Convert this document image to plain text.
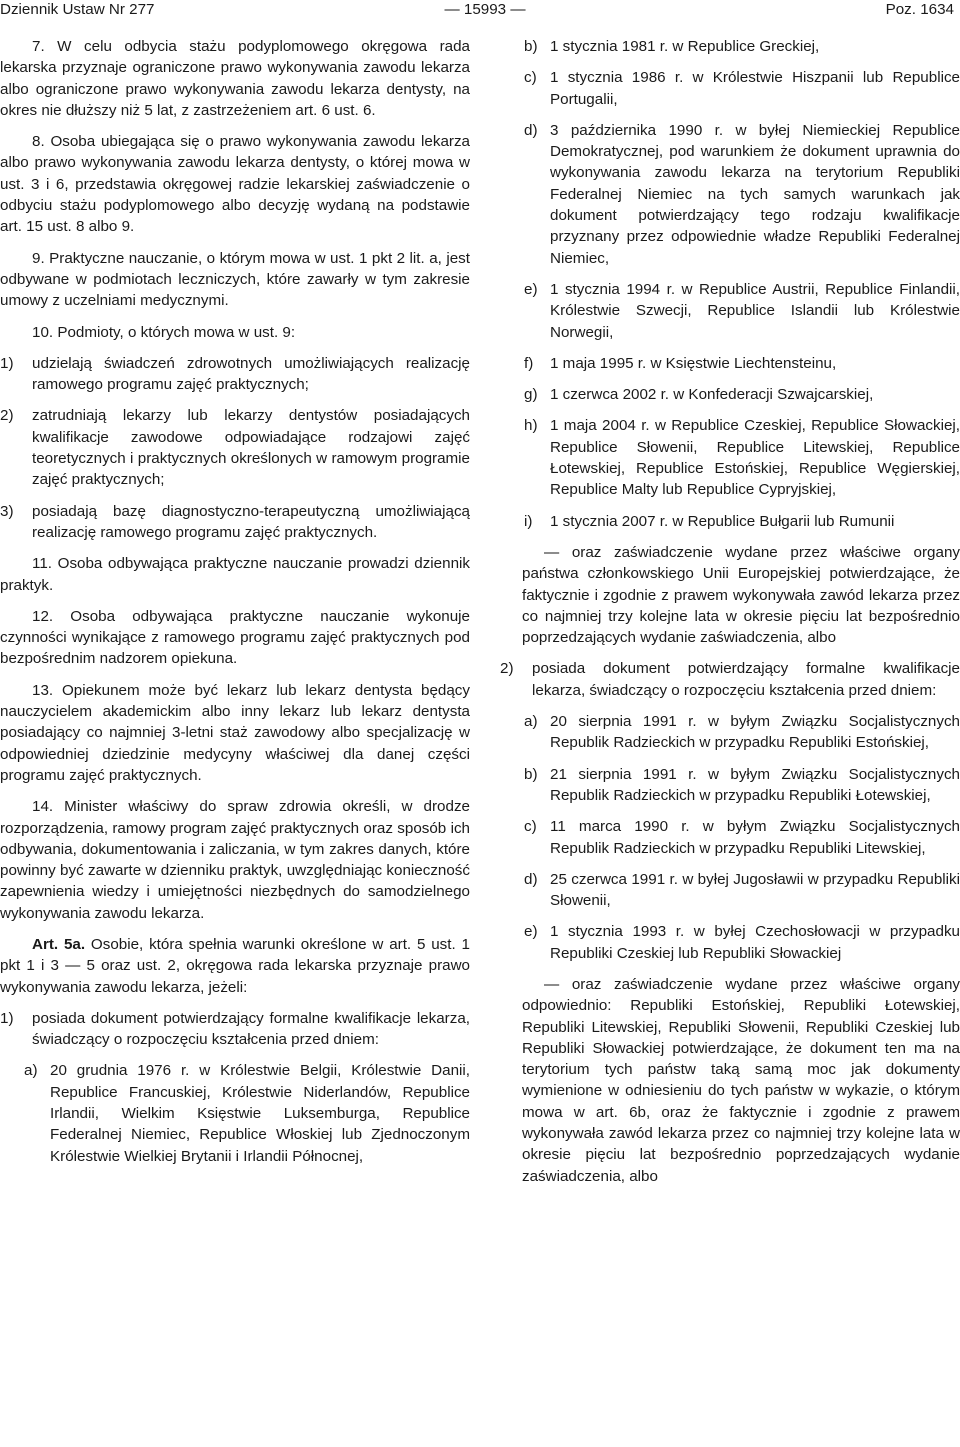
Dziennik Ustaw Nr 277	— 15993 —	Poz. 1634

7. W celu odbycia stażu podyplomowego okręgowa rada lekarska przyznaje ograniczone prawo wykonywania zawodu lekarza albo ograniczone prawo wykonywania zawodu lekarza dentysty, na okres nie dłuższy niż 5 lat, z zastrzeżeniem art. 6 ust. 6.

8. Osoba ubiegająca się o prawo wykonywania zawodu lekarza albo prawo wykonywania zawodu lekarza dentysty, o której mowa w ust. 3 i 6, przedstawia okręgowej radzie lekarskiej zaświadczenie o odbyciu stażu podyplomowego albo decyzję wydaną na podstawie art. 15 ust. 8 albo 9.

9. Praktyczne nauczanie, o którym mowa w ust. 1 pkt 2 lit. a, jest odbywane w podmiotach leczniczych, które zawarły w tym zakresie umowy z uczelniami medycznymi.

10. Podmioty, o których mowa w ust. 9:

1)	udzielają świadczeń zdrowotnych umożliwiających realizację ramowego programu zajęć praktycznych;
2)	zatrudniają lekarzy lub lekarzy dentystów posiadających kwalifikacje zawodowe odpowiadające rodzajowi zajęć teoretycznych i praktycznych określonych w ramowym programie zajęć praktycznych;
3)	posiadają bazę diagnostyczno-terapeutyczną umożliwiającą realizację ramowego programu zajęć praktycznych.

11. Osoba odbywająca praktyczne nauczanie prowadzi dziennik praktyk.

12. Osoba odbywająca praktyczne nauczanie wykonuje czynności wynikające z ramowego programu zajęć praktycznych pod bezpośrednim nadzorem opiekuna.

13. Opiekunem może być lekarz lub lekarz dentysta będący nauczycielem akademickim albo inny lekarz lub lekarz dentysta posiadający co najmniej 3-letni staż zawodowy albo specjalizację w odpowiedniej dziedzinie medycyny właściwej dla danej części programu zajęć praktycznych.

14. Minister właściwy do spraw zdrowia określi, w drodze rozporządzenia, ramowy program zajęć praktycznych oraz sposób ich odbywania, dokumentowania i zaliczania, w tym zakres danych, które powinny być zawarte w dzienniku praktyk, uwzględniając konieczność zapewnienia wiedzy i umiejętności niezbędnych do samodzielnego wykonywania zawodu lekarza.

Art. 5a. Osobie, która spełnia warunki określone w art. 5 ust. 1 pkt 1 i 3 — 5 oraz ust. 2, okręgowa rada lekarska przyznaje prawo wykonywania zawodu lekarza, jeżeli:

1)	posiada dokument potwierdzający formalne kwalifikacje lekarza, świadczący o rozpoczęciu kształcenia przed dniem:
a) 20 grudnia 1976 r. w Królestwie Belgii, Królestwie Danii, Republice Francuskiej, Królestwie Niderlandów, Republice Irlandii, Wielkim Księstwie Luksemburga, Republice Federalnej Niemiec, Republice Włoskiej lub Zjednoczonym Królestwie Wielkiej Brytanii i Irlandii Północnej,
b) 1 stycznia 1981 r. w Republice Greckiej,
c) 1 stycznia 1986 r. w Królestwie Hiszpanii lub Republice Portugalii,
d) 3 października 1990 r. w byłej Niemieckiej Republice Demokratycznej, pod warunkiem że dokument uprawnia do wykonywania zawodu lekarza na terytorium Republiki Federalnej Niemiec na tych samych warunkach jak dokument potwierdzający tego rodzaju kwalifikacje przyznany przez odpowiednie władze Republiki Federalnej Niemiec,
e) 1 stycznia 1994 r. w Republice Austrii, Republice Finlandii, Królestwie Szwecji, Republice Islandii lub Królestwie Norwegii,
f)	1 maja 1995 r. w Księstwie Liechtensteinu,
g) 1 czerwca 2002 r. w Konfederacji Szwajcarskiej,
h) 1 maja 2004 r. w Republice Czeskiej, Republice Słowackiej, Republice Słowenii, Republice Litewskiej, Republice Łotewskiej, Republice Estońskiej, Republice Węgierskiej, Republice Malty lub Republice Cypryjskiej,
i)	1 stycznia 2007 r. w Republice Bułgarii lub Rumunii

— oraz zaświadczenie wydane przez właściwe organy państwa członkowskiego Unii Europejskiej potwierdzające, że faktycznie i zgodnie z prawem wykonywała zawód lekarza przez co najmniej trzy kolejne lata w okresie pięciu lat bezpośrednio poprzedzających wydanie zaświadczenia, albo

2)	posiada dokument potwierdzający formalne kwalifikacje lekarza, świadczący o rozpoczęciu kształcenia przed dniem:
a) 20 sierpnia 1991 r. w byłym Związku Socjalistycznych Republik Radzieckich w przypadku Republiki Estońskiej,
b) 21 sierpnia 1991 r. w byłym Związku Socjalistycznych Republik Radzieckich w przypadku Republiki Łotewskiej,
c) 11 marca 1990 r. w byłym Związku Socjalistycznych Republik Radzieckich w przypadku Republiki Litewskiej,
d) 25 czerwca 1991 r. w byłej Jugosławii w przypadku Republiki Słowenii,
e) 1 stycznia 1993 r. w byłej Czechosłowacji w przypadku Republiki Czeskiej lub Republiki Słowackiej

— oraz zaświadczenie wydane przez właściwe organy odpowiednio: Republiki Estońskiej, Republiki Łotewskiej, Republiki Litewskiej, Republiki Słowenii, Republiki Czeskiej lub Republiki Słowackiej potwierdzające, że dokument ten ma na terytorium tych państw taką samą moc jak dokumenty wymienione w odniesieniu do tych państw w wykazie, o którym mowa w art. 6b, oraz że faktycznie i zgodnie z prawem wykonywała zawód lekarza przez co najmniej trzy kolejne lata w okresie pięciu lat bezpośrednio poprzedzających wydanie zaświadczenia, albo
